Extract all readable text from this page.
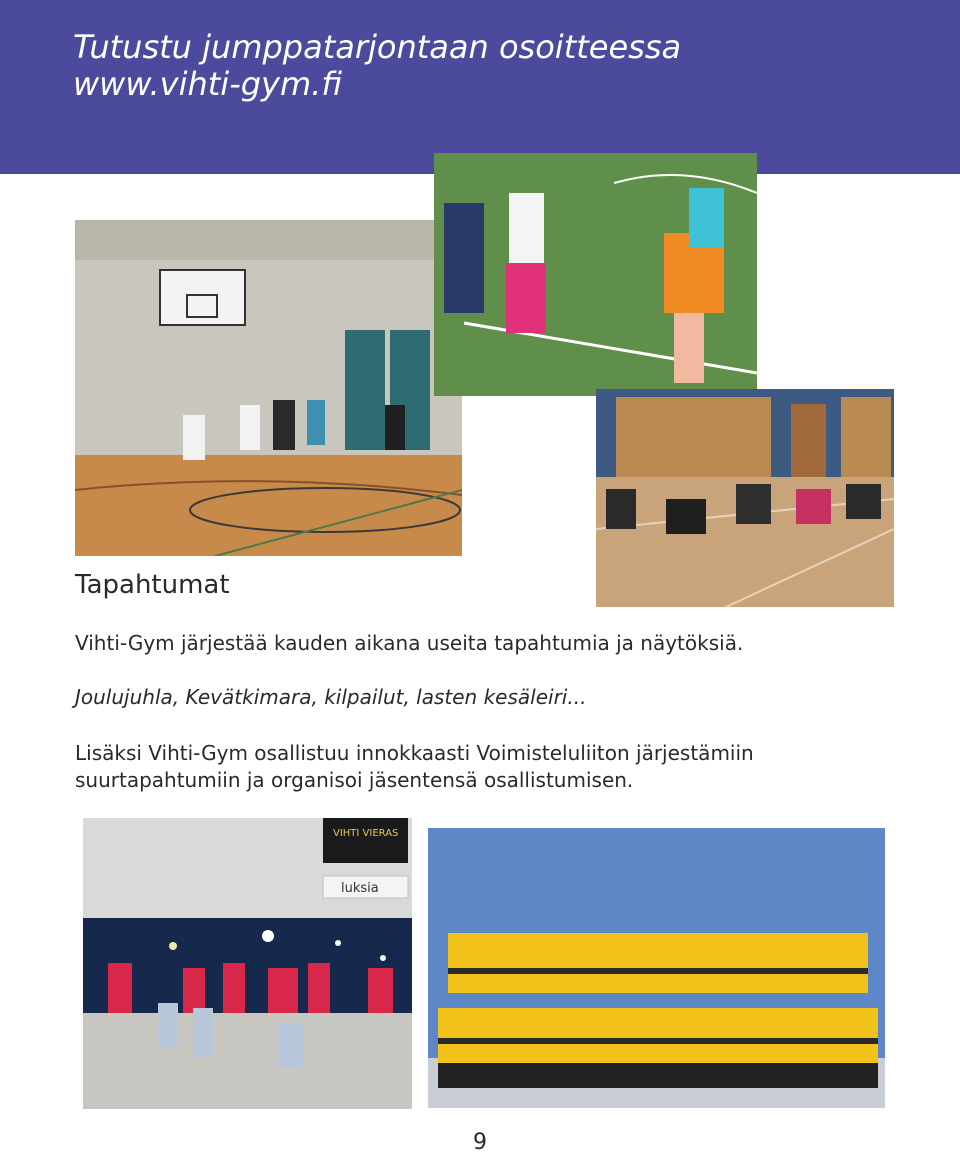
Tutustu jumppatarjontaan osoitteessa
www.vihti-gym.fi
Tapahtumat
Vihti-Gym järjestää kauden aikana useita tapahtumia ja näytöksiä.
Joulujuhla, Kevätkimara, kilpailut, lasten kesäleiri...
Lisäksi Vihti-Gym osallistuu innokkaasti Voimisteluliiton järjestämiin
suurtapahtumiin ja organisoi jäsentensä osallistumisen.
VIHTI VIERAS
luksia
9
